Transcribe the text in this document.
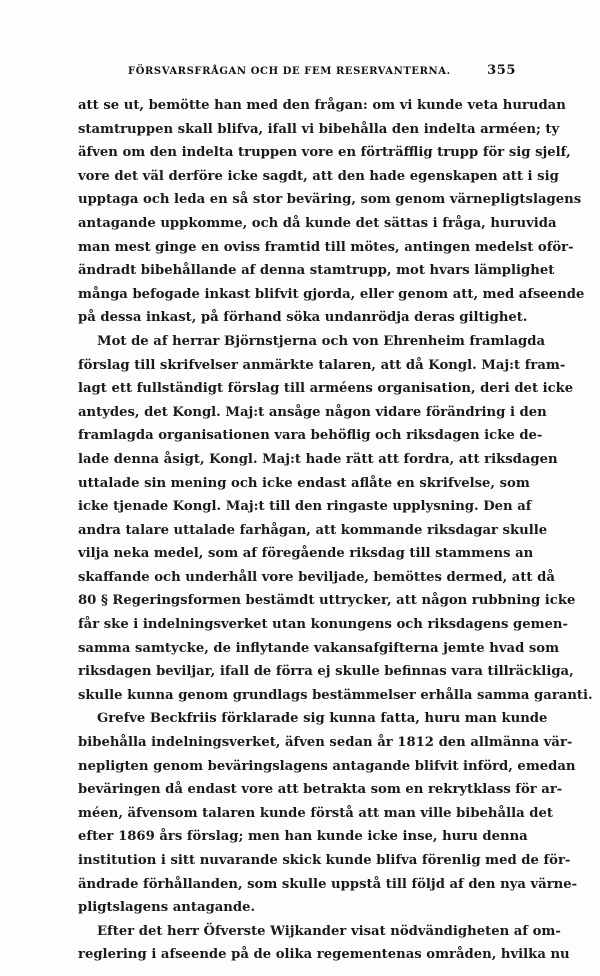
FÖRSVARSFRÅGAN OCH DE FEM RESERVANTERNA.	355
att se ut, bemötte han med den frågan: om vi kunde veta hurudan
stamtruppen skall blifva, ifall vi bibehålla den indelta arméen; ty
äfven om den indelta truppen vore en förträfflig trupp för sig sjelf,
vore det väl derföre icke sagdt, att den hade egenskapen att i sig
upptaga och leda en så stor beväring, som genom värnepligtslagens
antagande uppkomme, och då kunde det sättas i fråga, huruvida
man mest ginge en oviss framtid till mötes, antingen medelst oför-
ändradt bibehållande af denna stamtrupp, mot hvars lämplighet
många befogade inkast blifvit gjorda, eller genom att, med afseende
på dessa inkast, på förhand söka undanrödja deras giltighet.
Mot de af herrar Björnstjerna och von Ehrenheim framlagda
förslag till skrifvelser anmärkte talaren, att då Kongl. Maj:t fram-
lagt ett fullständigt förslag till arméens organisation, deri det icke
antydes, det Kongl. Maj:t ansåge någon vidare förändring i den
framlagda organisationen vara behöflig och riksdagen icke de-
lade denna åsigt, Kongl. Maj:t hade rätt att fordra, att riksdagen
uttalade sin mening och icke endast aflåte en skrifvelse, som
icke tjenade Kongl. Maj:t till den ringaste upplysning. Den af
andra talare uttalade farhågan, att kommande riksdagar skulle
vilja neka medel, som af föregående riksdag till stammens an
skaffande och underhåll vore beviljade, bemöttes dermed, att då
80 § Regeringsformen bestämdt uttrycker, att någon rubbning icke
får ske i indelningsverket utan konungens och riksdagens gemen-
samma samtycke, de inflytande vakansafgifterna jemte hvad som
riksdagen beviljar, ifall de förra ej skulle befinnas vara tillräckliga,
skulle kunna genom grundlags bestämmelser erhålla samma garanti.
Grefve Beckfriis förklarade sig kunna fatta, huru man kunde
bibehålla indelningsverket, äfven sedan år 1812 den allmänna vär-
nepligten genom beväringslagens antagande blifvit införd, emedan
beväringen då endast vore att betrakta som en rekrytklass för ar-
méen, äfvensom talaren kunde förstå att man ville bibehålla det
efter 1869 års förslag; men han kunde icke inse, huru denna
institution i sitt nuvarande skick kunde blifva förenlig med de för-
ändrade förhållanden, som skulle uppstå till följd af den nya värne-
pligtslagens antagande.
Efter det herr Öfverste Wijkander visat nödvändigheten af om-
reglering i afseende på de olika regementenas områden, hvilka nu
